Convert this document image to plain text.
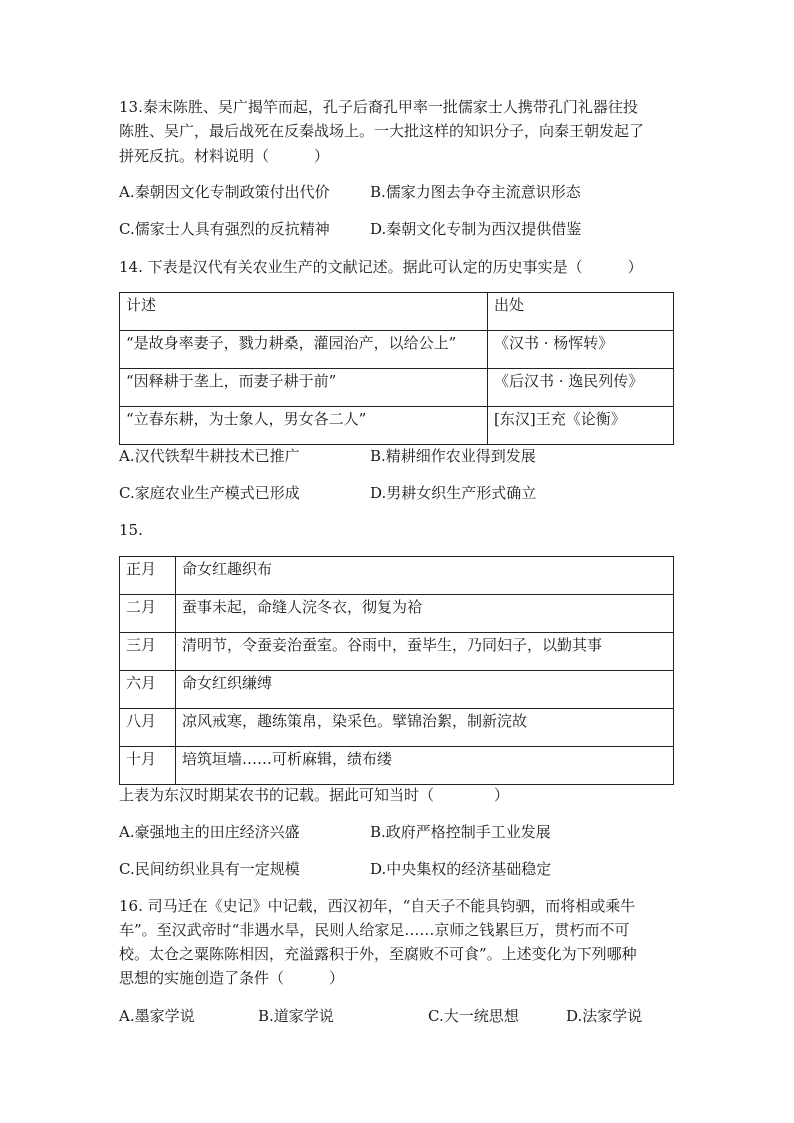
13.秦末陈胜、吴广揭竿而起，孔子后裔孔甲率一批儒家士人携带孔门礼器往投
陈胜、吴广，最后战死在反秦战场上。一大批这样的知识分子，向秦王朝发起了
拼死反抗。材料说明（　　　）
A.秦朝因文化专制政策付出代价	B.儒家力图去争夺主流意识形态
C.儒家士人具有强烈的反抗精神	D.秦朝文化专制为西汉提供借鉴
14. 下表是汉代有关农业生产的文献记述。据此可认定的历史事实是（　　　）
计述	出处
“是故身率妻子，戮力耕桑，灌园治产，以给公上”	《汉书 · 杨恽转》
“因释耕于垄上，而妻子耕于前”	《后汉书 · 逸民列传》
“立春东耕，为士象人，男女各二人”	[东汉]王充《论衡》
A.汉代铁犁牛耕技术已推广	B.精耕细作农业得到发展
C.家庭农业生产模式已形成	D.男耕女织生产形式确立
15.
正月	命女红趣织布
二月	蚕事未起，命缝人浣冬衣，彻复为袷
三月	清明节，令蚕妾治蚕室。谷雨中，蚕毕生，乃同妇子，以勤其事
六月	命女红织缣缚
八月	凉风戒寒，趣练策帛，染采色。擘锦治絮，制新浣故
十月	培筑垣墙……可析麻辑，绩布缕
上表为东汉时期某农书的记载。据此可知当时（　　　　）
A.豪强地主的田庄经济兴盛	B.政府严格控制手工业发展
C.民间纺织业具有一定规模	D.中央集权的经济基础稳定
16. 司马迁在《史记》中记载，西汉初年，“自天子不能具钧驷，而将相或乘牛
车”。至汉武帝时“非遇水旱，民则人给家足……京师之钱累巨万，贯朽而不可
校。太仓之粟陈陈相因，充溢露积于外，至腐败不可食”。上述变化为下列哪种
思想的实施创造了条件（　　　）
A.墨家学说	B.道家学说	C.大一统思想	D.法家学说
